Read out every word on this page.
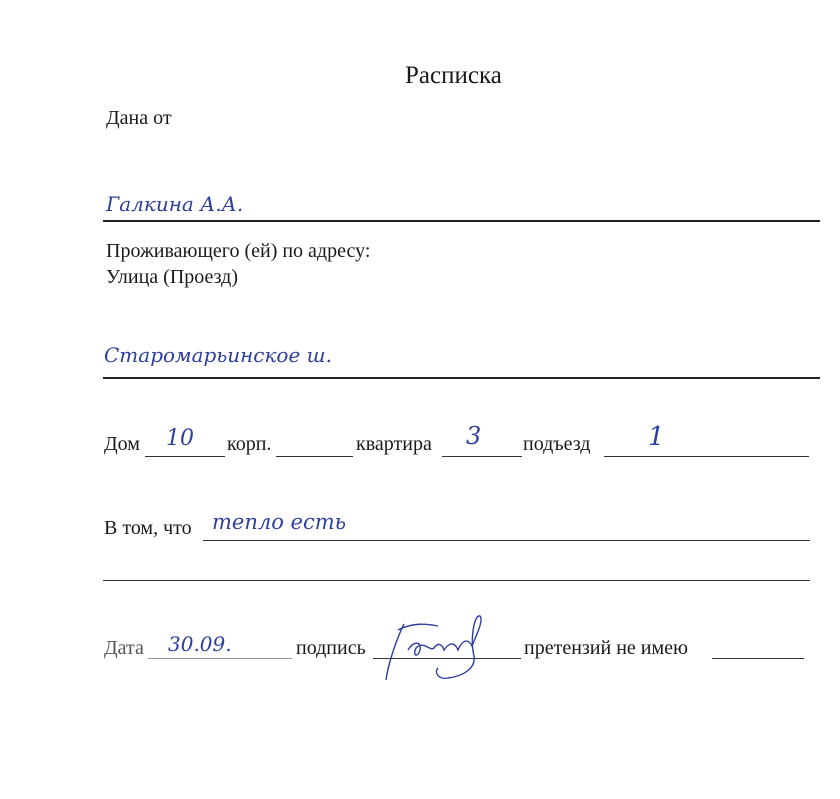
Расписка
Дана от
Галкина А.А.
Проживающего (ей) по адресу:
Улица (Проезд)
Старомарьинское ш.
Дом 10 корп.	квартира 3 подъезд 1
В том, что тепло есть
Дата 30.09.	подпись	претензий не имею
